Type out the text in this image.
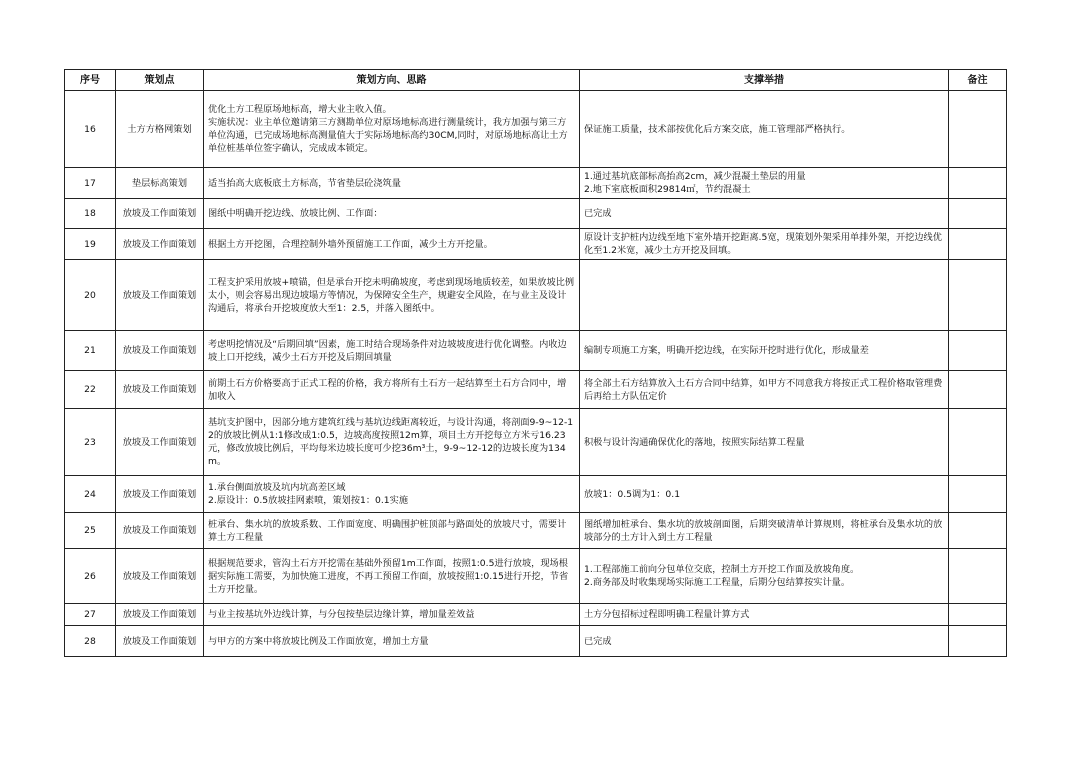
序号	策划点	策划方向、思路	支撑举措	备注
16	土方方格网策划	优化土方工程原场地标高，增大业主收入值。
实施状况：业主单位邀请第三方测勘单位对原场地标高进行测量统计，我方加强与第三方单位沟通，已完成场地标高测量值大于实际场地标高约30CM,同时，对原场地标高让土方单位桩基单位签字确认，完成成本锁定。	保证施工质量，技术部按优化后方案交底，施工管理部严格执行。	

17	垫层标高策划	适当抬高大底板底土方标高，节省垫层砼浇筑量	1.通过基坑底部标高抬高2cm，减少混凝土垫层的用量
2.地下室底板面积29814㎡，节约混凝土	

18	放坡及工作面策划	图纸中明确开挖边线、放坡比例、工作面：	已完成	

19	放坡及工作面策划	根据土方开挖图，合理控制外墙外预留施工工作面，减少土方开挖量。	原设计支护桩内边线至地下室外墙开挖距离.5宽，现策划外架采用单排外架，开挖边线优化至1.2米宽，减少土方开挖及回填。	

20	放坡及工作面策划	工程支护采用放坡+喷锚，但是承台开挖未明确坡度，考虑到现场地质较差，如果放坡比例太小，则会容易出现边坡塌方等情况，为保障安全生产，规避安全风险，在与业主及设计沟通后，将承台开挖坡度放大至1：2.5，并落入图纸中。		

21	放坡及工作面策划	考虑明挖情况及“后期回填”因素，施工时结合现场条件对边坡坡度进行优化调整。内收边坡上口开挖线，减少土石方开挖及后期回填量	编制专项施工方案，明确开挖边线，在实际开挖时进行优化，形成量差	

22	放坡及工作面策划	前期土石方价格要高于正式工程的价格，我方将所有土石方一起结算至土石方合同中，增加收入	将全部土石方结算放入土石方合同中结算，如甲方不同意我方将按正式工程价格取管理费后再给土方队伍定价	

23	放坡及工作面策划	基坑支护图中，因部分地方建筑红线与基坑边线距离较近，与设计沟通，将剖面9-9~12-12的放坡比例从1:1修改成1:0.5，边坡高度按照12m算，项目土方开挖每立方米亏16.23元，修改放坡比例后，平均每米边坡长度可少挖36m³土，9-9~12-12的边坡长度为134m。	积极与设计沟通确保优化的落地，按照实际结算工程量	

24	放坡及工作面策划	1.承台侧面放坡及坑内坑高差区域
2.原设计：0.5放坡挂网素喷，策划按1：0.1实施	放坡1：0.5调为1：0.1	

25	放坡及工作面策划	桩承台、集水坑的放坡系数、工作面宽度、明确围护桩顶部与路面处的放坡尺寸，需要计算土方工程量	图纸增加桩承台、集水坑的放坡剖面图，后期突破清单计算规则，将桩承台及集水坑的放坡部分的土方计入到土方工程量	

26	放坡及工作面策划	根据规范要求，管沟土石方开挖需在基础外预留1m工作面，按照1:0.5进行放坡，现场根据实际施工需要，为加快施工进度，不再工预留工作面，放坡按照1:0.15进行开挖，节省土方开挖量。	1.工程部施工前向分包单位交底，控制土方开挖工作面及放坡角度。
2.商务部及时收集现场实际施工工程量，后期分包结算按实计量。	

27	放坡及工作面策划	与业主按基坑外边线计算，与分包按垫层边缘计算，增加量差效益	土方分包招标过程即明确工程量计算方式	

28	放坡及工作面策划	与甲方的方案中将放坡比例及工作面放宽，增加土方量	已完成	
